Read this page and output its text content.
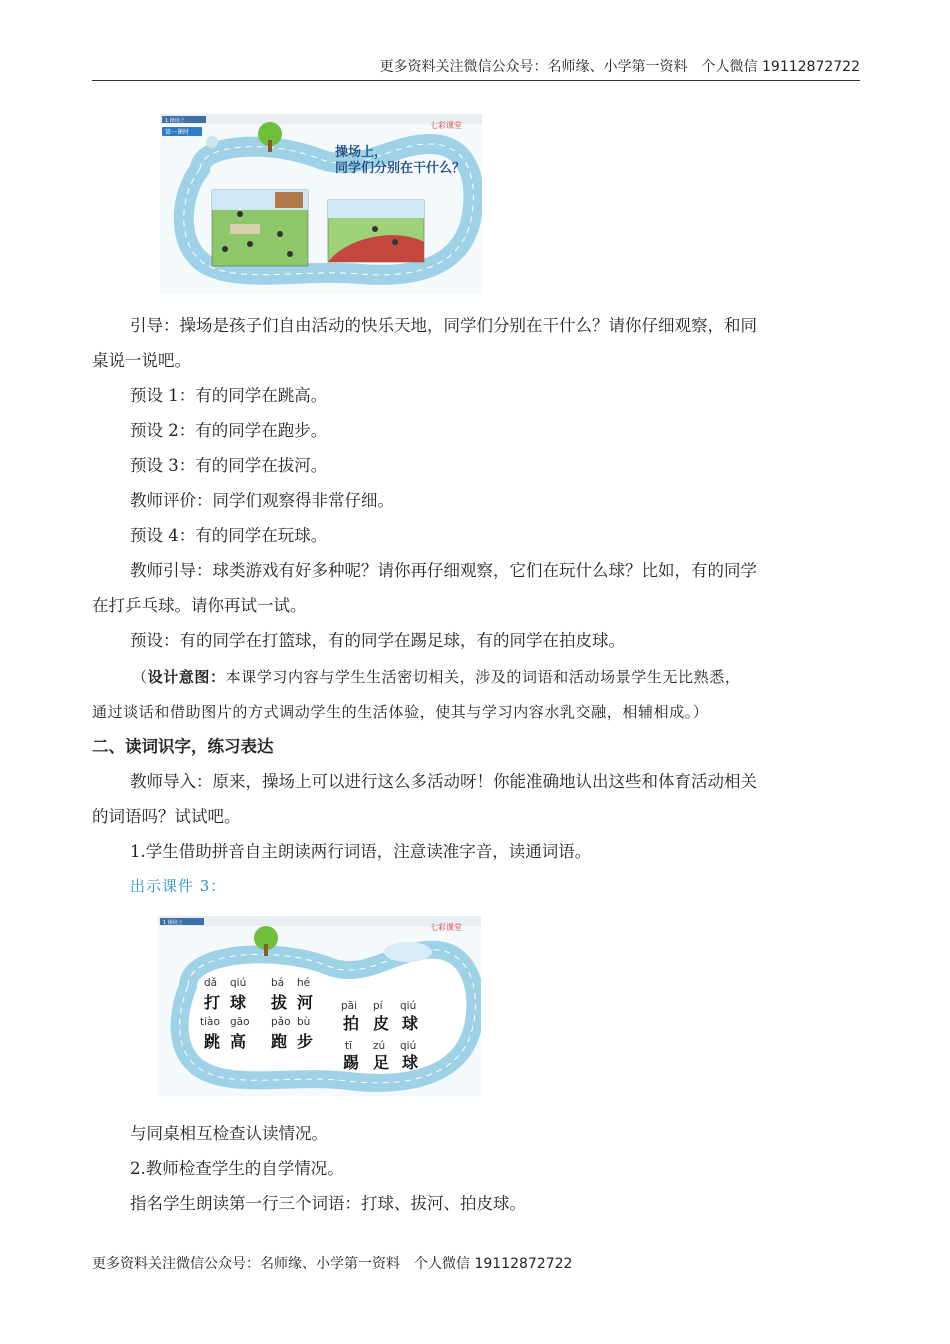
更多资料关注微信公众号：名师缘、小学第一资料　个人微信 19112872722
1 操场上
第一课时
操场上，
同学们分别在干什么？
七彩课堂
引导：操场是孩子们自由活动的快乐天地，同学们分别在干什么？请你仔细观察，和同
桌说一说吧。
预设 1：有的同学在跳高。
预设 2：有的同学在跑步。
预设 3：有的同学在拔河。
教师评价：同学们观察得非常仔细。
预设 4：有的同学在玩球。
教师引导：球类游戏有好多种呢？请你再仔细观察，它们在玩什么球？比如，有的同学
在打乒乓球。请你再试一试。
预设：有的同学在打篮球，有的同学在踢足球，有的同学在拍皮球。
（设计意图：本课学习内容与学生生活密切相关，涉及的词语和活动场景学生无比熟悉，
通过谈话和借助图片的方式调动学生的生活体验，使其与学习内容水乳交融，相辅相成。）
二、读词识字，练习表达
教师导入：原来，操场上可以进行这么多活动呀！你能准确地认出这些和体育活动相关
的词语吗？试试吧。
1.学生借助拼音自主朗读两行词语，注意读准字音，读通词语。
出示课件 3：
1 操场上	七彩课堂
dǎ qiú
打 球
bá hé
拔 河	pāi pí qiú
拍 皮 球
tiào gāo
跳 高
pǎo bù
跑 步	tī zú qiú
踢 足 球
与同桌相互检查认读情况。
2.教师检查学生的自学情况。
指名学生朗读第一行三个词语：打球、拔河、拍皮球。
更多资料关注微信公众号：名师缘、小学第一资料　个人微信 19112872722
